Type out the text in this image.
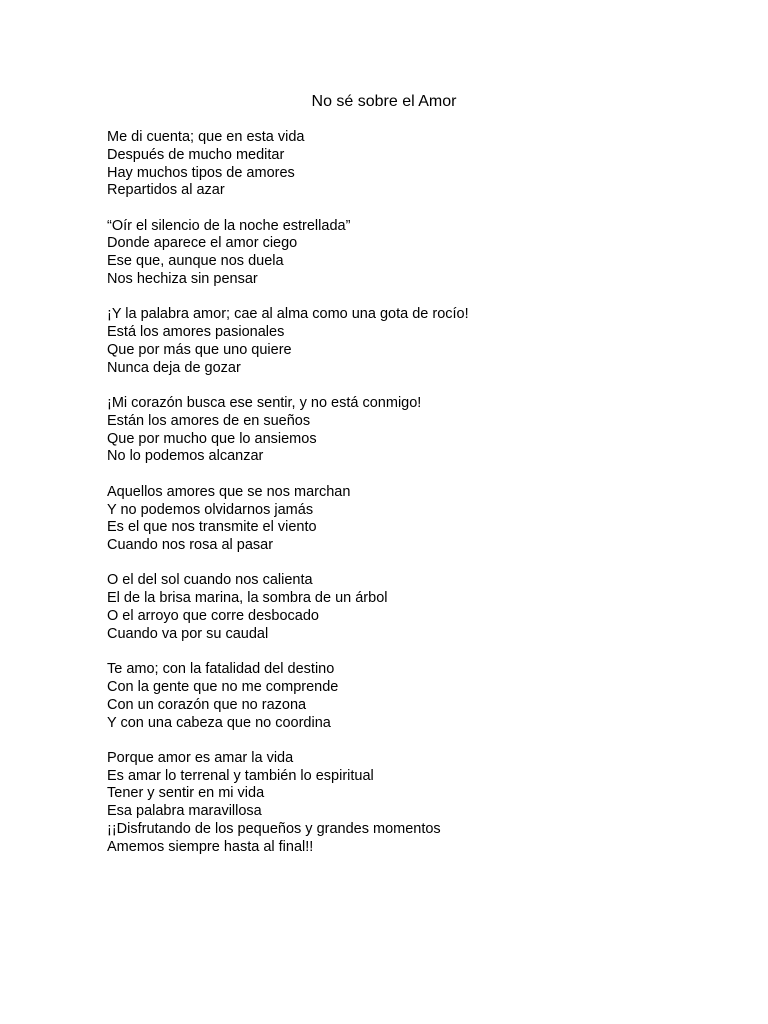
No sé sobre el Amor
Me di cuenta; que en esta vida
Después de mucho meditar
Hay muchos tipos de amores
Repartidos al azar
“Oír el silencio de la noche estrellada”
Donde aparece el amor ciego
Ese que, aunque nos duela
Nos hechiza sin pensar
¡Y la palabra amor; cae al alma como una gota de rocío!
Está los amores pasionales
Que por más que uno quiere
Nunca deja de gozar
¡Mi corazón busca ese sentir, y no está conmigo!
Están los amores de en sueños
Que por mucho que lo ansiemos
No lo podemos alcanzar
Aquellos amores que se nos marchan
Y no podemos olvidarnos jamás
Es el que nos transmite el viento
Cuando nos rosa al pasar
O el del sol cuando nos calienta
El de la brisa marina, la sombra de un árbol
O el arroyo que corre desbocado
Cuando va por su caudal
Te amo; con la fatalidad del destino
Con la gente que no me comprende
Con un corazón que no razona
Y con una cabeza que no coordina
Porque amor es amar la vida
Es amar lo terrenal y también lo espiritual
Tener y sentir en mi vida
Esa palabra maravillosa
¡¡Disfrutando de los pequeños y grandes momentos
Amemos siempre hasta al final!!
